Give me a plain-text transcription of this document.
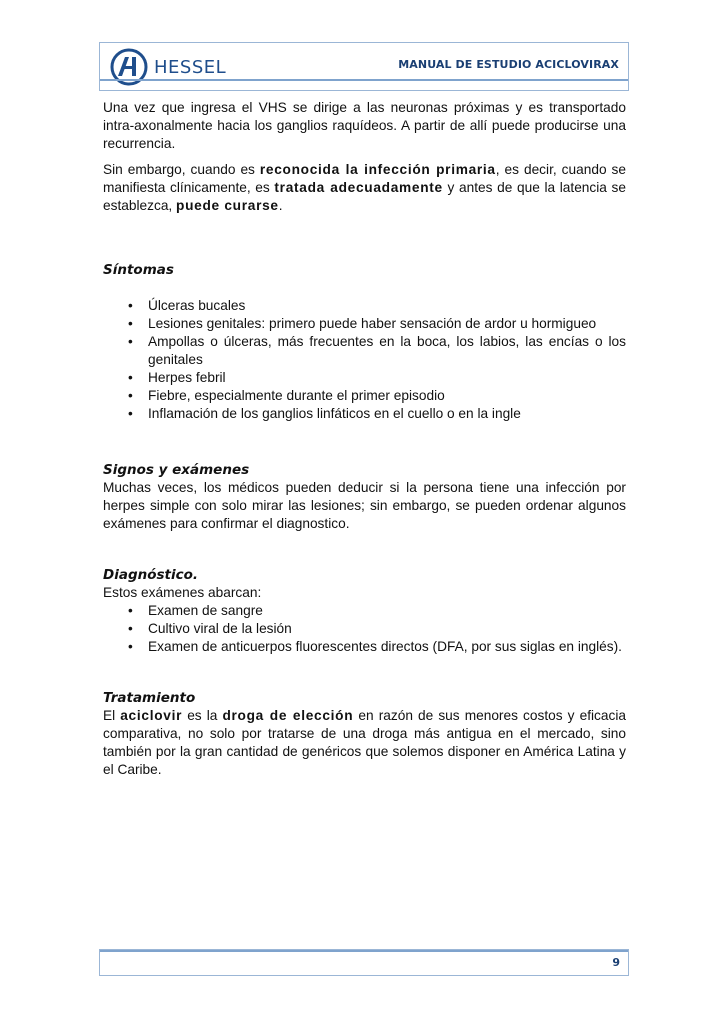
HESSEL	MANUAL DE ESTUDIO ACICLOVIRAX

Una vez que ingresa el VHS se dirige a las neuronas próximas y es transportado intra-axonalmente hacia los ganglios raquídeos. A partir de allí puede producirse una recurrencia.

Sin embargo, cuando es reconocida la infección primaria, es decir, cuando se manifiesta clínicamente, es tratada adecuadamente y antes de que la latencia se establezca, puede curarse.

Síntomas
• Úlceras bucales
• Lesiones genitales: primero puede haber sensación de ardor u hormigueo
• Ampollas o úlceras, más frecuentes en la boca, los labios, las encías o los genitales
• Herpes febril
• Fiebre, especialmente durante el primer episodio
• Inflamación de los ganglios linfáticos en el cuello o en la ingle
Signos y exámenes

Muchas veces, los médicos pueden deducir si la persona tiene una infección por herpes simple con solo mirar las lesiones; sin embargo, se pueden ordenar algunos exámenes para confirmar el diagnostico.

Diagnóstico.

Estos exámenes abarcan:

• Examen de sangre
• Cultivo viral de la lesión
• Examen de anticuerpos fluorescentes directos (DFA, por sus siglas en inglés).
Tratamiento

El aciclovir es la droga de elección en razón de sus menores costos y eficacia comparativa, no solo por tratarse de una droga más antigua en el mercado, sino también por la gran cantidad de genéricos que solemos disponer en América Latina y el Caribe.

9
